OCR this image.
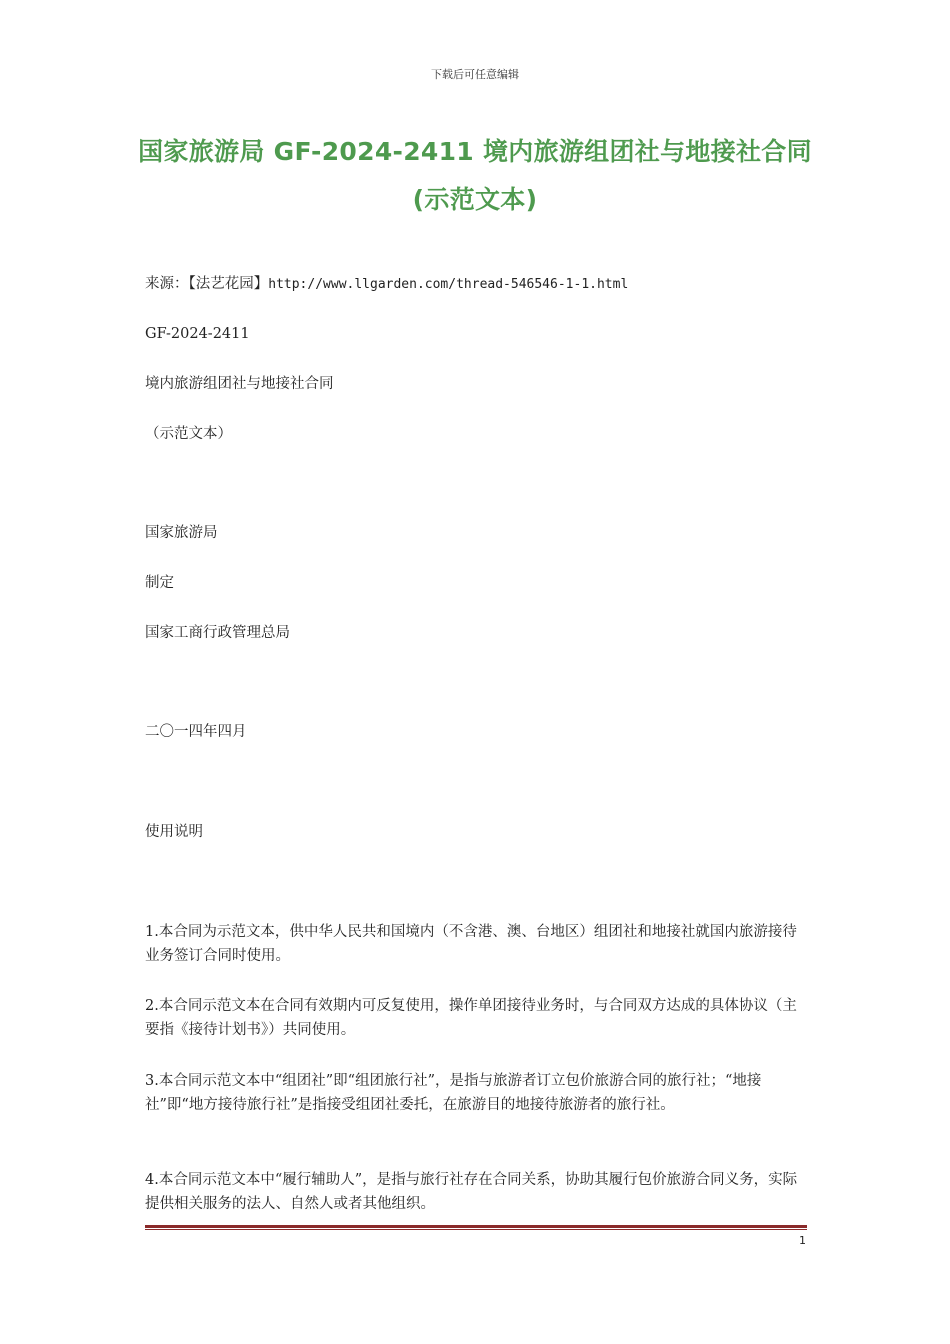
下载后可任意编辑
国家旅游局 GF-2024-2411 境内旅游组团社与地接社合同
(示范文本)
来源：【法艺花园】http://www.llgarden.com/thread-546546-1-1.html
GF-2024-2411
境内旅游组团社与地接社合同
（示范文本）
国家旅游局
制定
国家工商行政管理总局
二〇一四年四月
使用说明
1.本合同为示范文本，供中华人民共和国境内（不含港、澳、台地区）组团社和地接社就国内旅游接待业务签订合同时使用。
2.本合同示范文本在合同有效期内可反复使用，操作单团接待业务时，与合同双方达成的具体协议（主要指《接待计划书》）共同使用。
3.本合同示范文本中“组团社”即“组团旅行社”，是指与旅游者订立包价旅游合同的旅行社；“地接社”即“地方接待旅行社”是指接受组团社委托，在旅游目的地接待旅游者的旅行社。
4.本合同示范文本中“履行辅助人”，是指与旅行社存在合同关系，协助其履行包价旅游合同义务，实际提供相关服务的法人、自然人或者其他组织。
1
